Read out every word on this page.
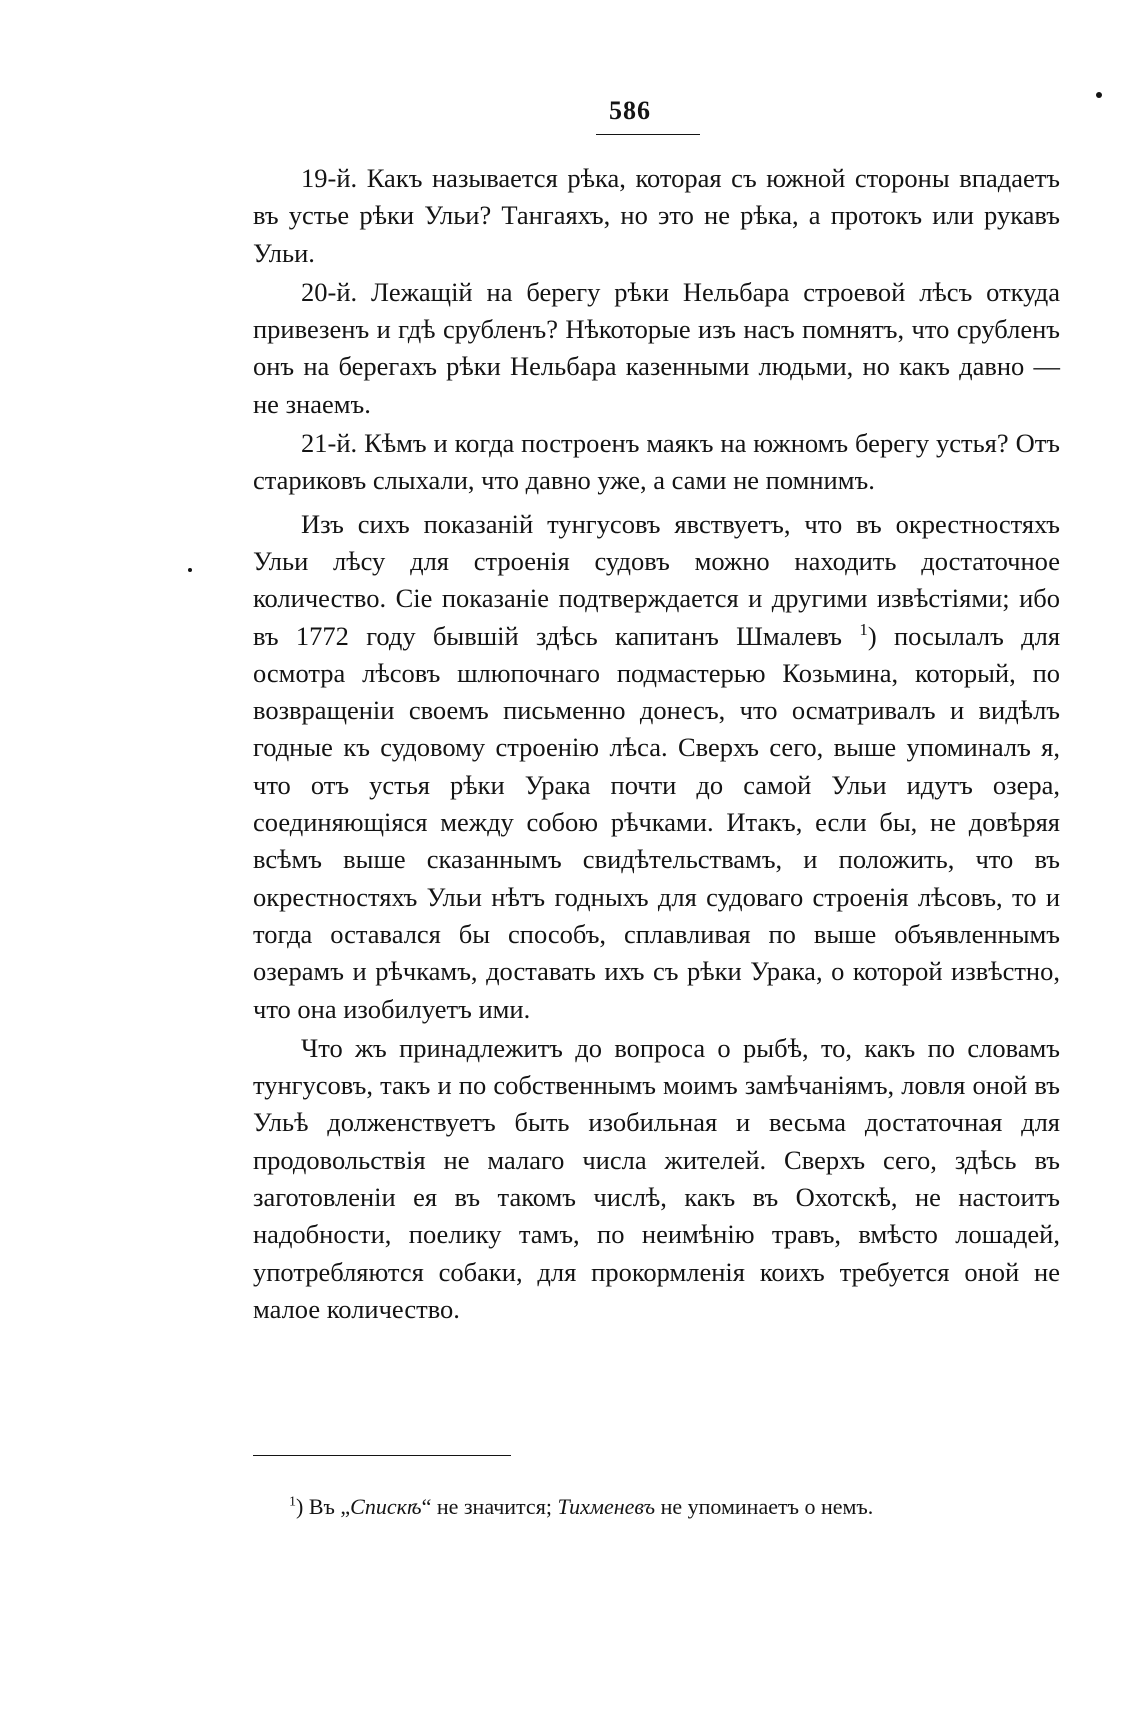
586

19-й. Какъ называется рѣка, которая съ южной стороны впадаетъ въ устье рѣки Ульи? Тангаяхъ, но это не рѣка, а протокъ или рукавъ Ульи.

20-й. Лежащій на берегу рѣки Нельбара строевой лѣсъ откуда привезенъ и гдѣ срубленъ? Нѣкоторые изъ насъ помнятъ, что срубленъ онъ на берегахъ рѣки Нельбара казенными людьми, но какъ давно — не знаемъ.

21-й. Кѣмъ и когда построенъ маякъ на южномъ берегу устья? Отъ стариковъ слыхали, что давно уже, а сами не помнимъ.

Изъ сихъ показаній тунгусовъ явствуетъ, что въ окрестностяхъ Ульи лѣсу для строенія судовъ можно находить достаточное количество. Сіе показаніе подтверждается и другими извѣстіями; ибо въ 1772 году бывшій здѣсь капитанъ Шмалевъ $^1$) посылалъ для осмотра лѣсовъ шлюпочнаго подмастерью Козьмина, который, по возвращеніи своемъ письменно донесъ, что осматривалъ и видѣлъ годные къ судовому строенію лѣса. Сверхъ сего, выше упоминалъ я, что отъ устья рѣки Урака почти до самой Ульи идутъ озера, соединяющіяся между собою рѣчками. Итакъ, если бы, не довѣряя всѣмъ выше сказаннымъ свидѣтельствамъ, и положить, что въ окрестностяхъ Ульи нѣтъ годныхъ для судоваго строенія лѣсовъ, то и тогда оставался бы способъ, сплавливая по выше объявленнымъ озерамъ и рѣчкамъ, доставать ихъ съ рѣки Урака, о которой извѣстно, что она изобилуетъ ими.

Что жъ принадлежитъ до вопроса о рыбѣ, то, какъ по словамъ тунгусовъ, такъ и по собственнымъ моимъ замѣчаніямъ, ловля оной въ Ульѣ долженствуетъ быть изобильная и весьма достаточная для продовольствія не малаго числа жителей. Сверхъ сего, здѣсь въ заготовленіи ея въ такомъ числѣ, какъ въ Охотскѣ, не настоитъ надобности, поелику тамъ, по неимѣнію травъ, вмѣсто лошадей, употребляются собаки, для прокормленія коихъ требуется оной не малое количество.

$^1$) Въ „Спискѣ“ не значится; Тихменевъ не упоминаетъ о немъ.
